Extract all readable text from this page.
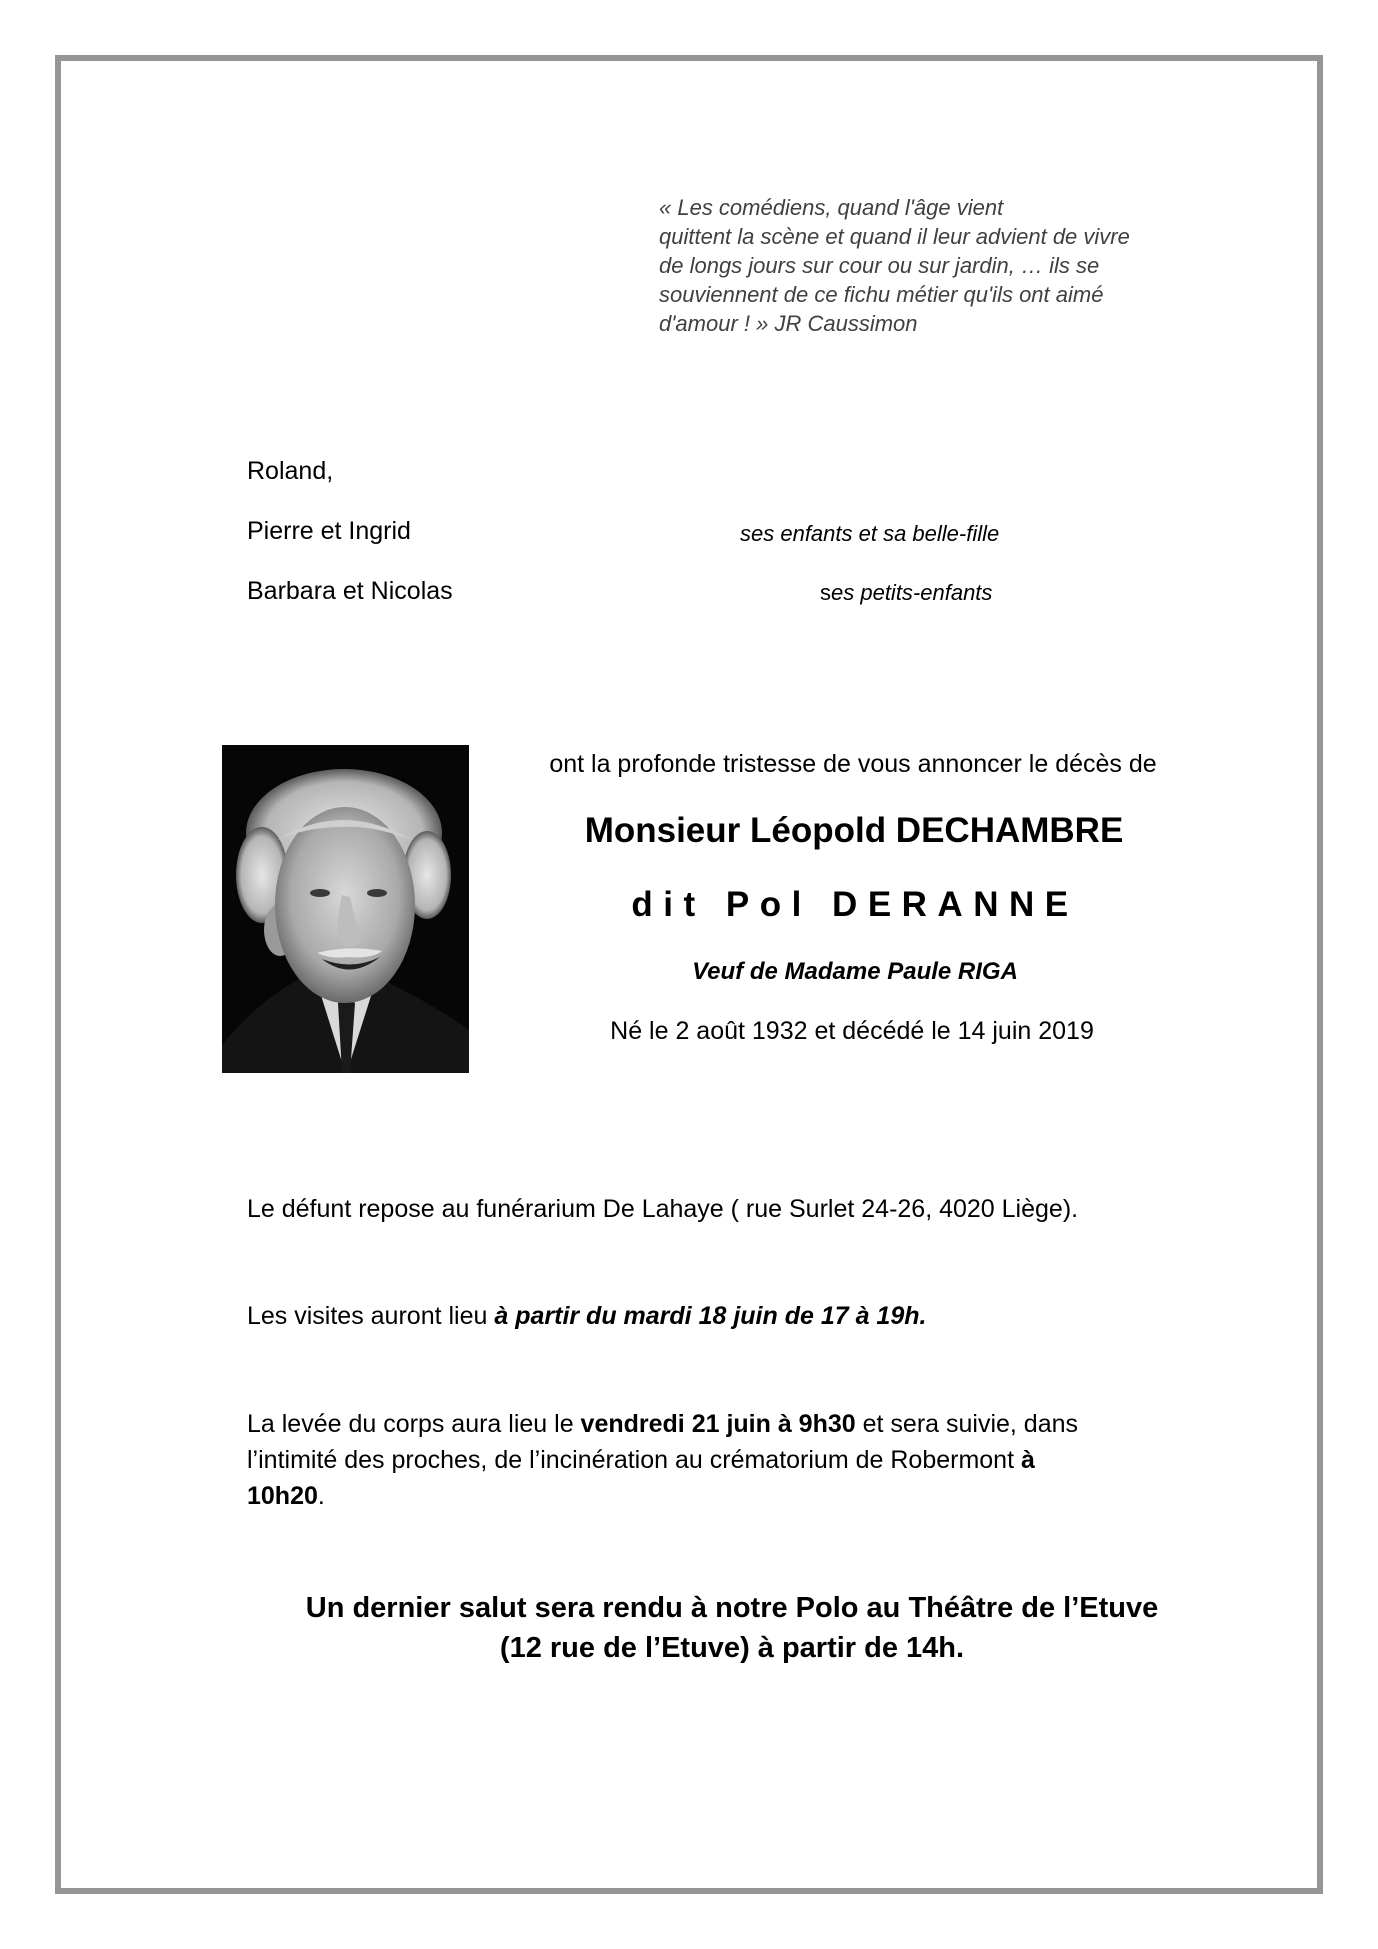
« Les comédiens, quand l'âge vient
quittent la scène et quand il leur advient de vivre
de longs jours sur cour ou sur jardin, … ils se
souviennent de ce fichu métier qu'ils ont aimé
d'amour ! » JR Caussimon
Roland,
Pierre et Ingrid
Barbara et Nicolas
ses enfants et sa belle-fille
ses petits-enfants
ont la profonde tristesse de vous annoncer le décès de
Monsieur Léopold DECHAMBRE
dit Pol DERANNE
Veuf de Madame Paule RIGA
Né le 2 août 1932 et décédé le 14 juin 2019
Le défunt repose au funérarium De Lahaye ( rue Surlet 24-26, 4020 Liège).
Les visites auront lieu à partir du mardi 18 juin de 17 à 19h.
La levée du corps aura lieu le vendredi 21 juin à 9h30 et sera suivie, dans
l’intimité des proches, de l’incinération au crématorium de Robermont à
10h20.
Un dernier salut sera rendu à notre Polo au Théâtre de l’Etuve
(12 rue de l’Etuve) à partir de 14h.
